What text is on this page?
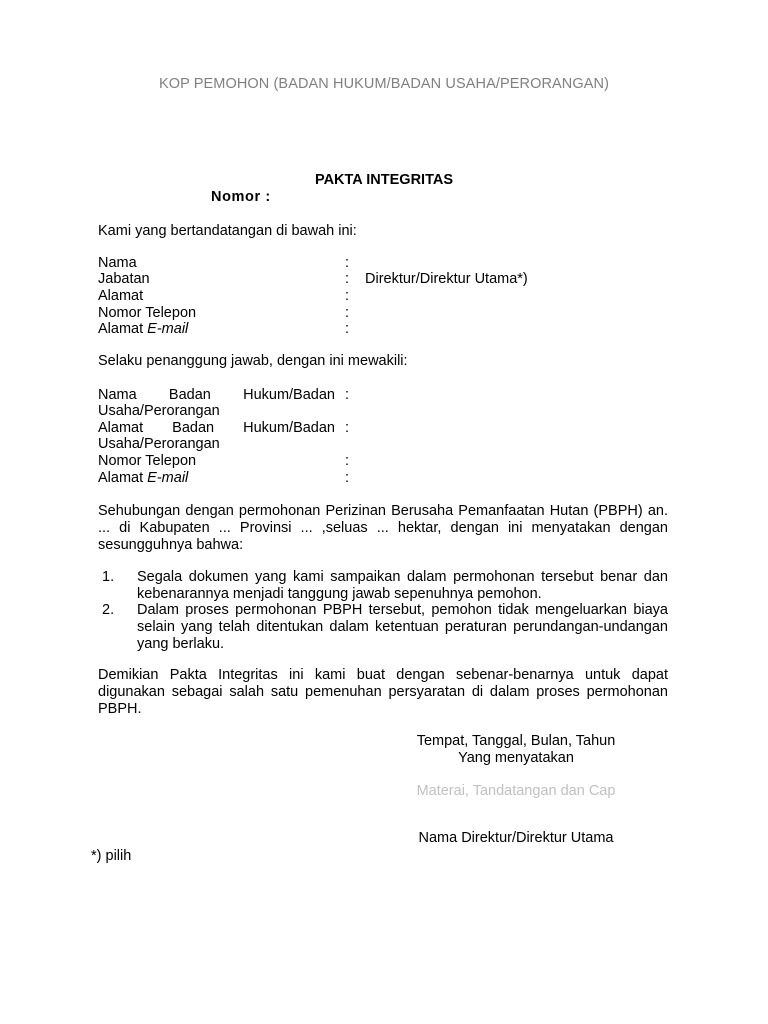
KOP PEMOHON (BADAN HUKUM/BADAN USAHA/PERORANGAN)
PAKTA INTEGRITAS
Nomor :
Kami yang bertandatangan di bawah ini:
Nama	:
Jabatan	: Direktur/Direktur Utama*)
Alamat	:
Nomor Telepon	:
Alamat E-mail	:
Selaku penanggung jawab, dengan ini mewakili:
Nama Badan Hukum/Badan :
Usaha/Perorangan
Alamat Badan Hukum/Badan :
Usaha/Perorangan
Nomor Telepon	:
Alamat E-mail	:
Sehubungan dengan permohonan Perizinan Berusaha Pemanfaatan Hutan (PBPH) an. ... di Kabupaten ... Provinsi ... ,seluas ... hektar, dengan ini menyatakan dengan sesungguhnya bahwa:
1. Segala dokumen yang kami sampaikan dalam permohonan tersebut benar dan kebenarannya menjadi tanggung jawab sepenuhnya pemohon.
2. Dalam proses permohonan PBPH tersebut, pemohon tidak mengeluarkan biaya selain yang telah ditentukan dalam ketentuan peraturan perundangan-undangan yang berlaku.
Demikian Pakta Integritas ini kami buat dengan sebenar-benarnya untuk dapat digunakan sebagai salah satu pemenuhan persyaratan di dalam proses permohonan PBPH.
Tempat, Tanggal, Bulan, Tahun
Yang menyatakan
Materai, Tandatangan dan Cap
Nama Direktur/Direktur Utama
*) pilih
